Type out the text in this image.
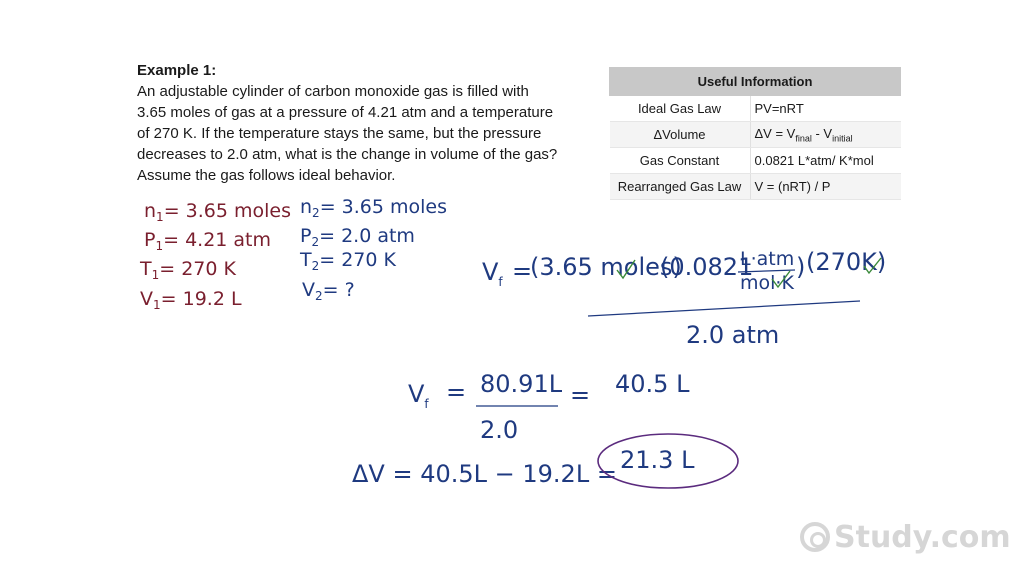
Example 1:
An adjustable cylinder of carbon monoxide gas is filled with
3.65 moles of gas at a pressure of 4.21 atm and a temperature
of 270 K. If the temperature stays the same, but the pressure
decreases to 2.0 atm, what is the change in volume of the gas?
Assume the gas follows ideal behavior.
Useful Information	
Ideal Gas Law	PV=nRT
ΔVolume	$\Delta V = V_{final} - V_{initial}$
Gas Constant	0.0821 L*atm/ K*mol
Rearranged Gas Law	V = (nRT) / P
$n_1= 3.65$ moles
$P_1= 4.21$ atm
$T_1= 270$ K
$V_1= 19.2$ L
$n_2= 3.65$ moles
$P_2= 2.0$ atm
$T_2= 270$ K
$V_2=$ ?
$V_f$ =
(3.65 moles)
(0.0821
L·atm
mol·K
) (270K)
2.0 atm
$V_f = 80.91L$
2.0
= 40.5 L
ΔV = 40.5L − 19.2L = 21.3 L
Study.com
